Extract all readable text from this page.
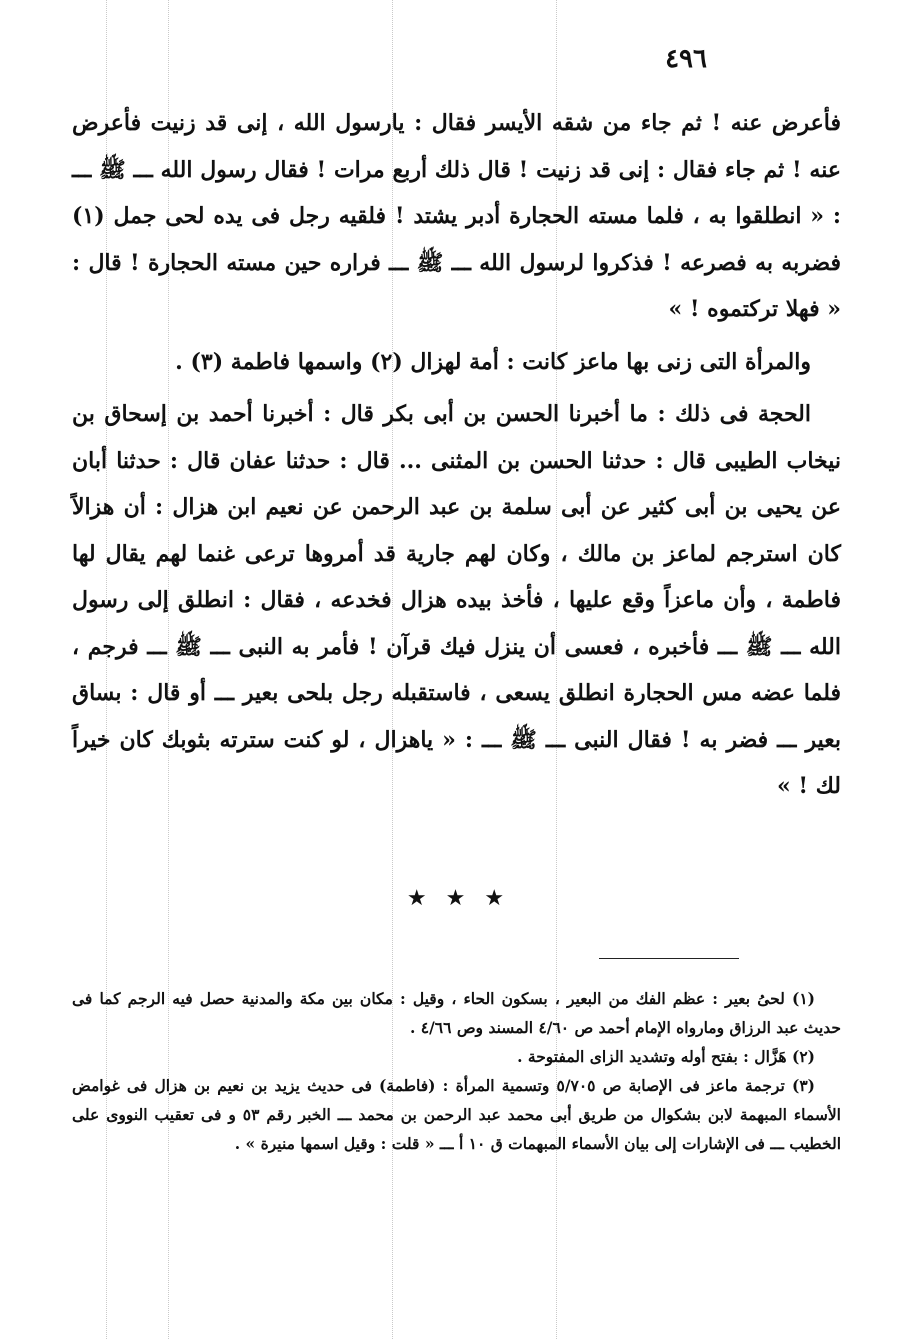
٤٩٦

فأعرض عنه ! ثم جاء من شقه الأيسر فقال : يارسول الله ، إنى قد زنيت فأعرض عنه ! ثم جاء فقال : إنى قد زنيت ! قال ذلك أربع مرات ! فقال رسول الله ـــ ﷺ ـــ : « انطلقوا به ، فلما مسته الحجارة أدبر يشتد ! فلقيه رجل فى يده لحى جمل (١) فضربه به فصرعه ! فذكروا لرسول الله ـــ ﷺ ـــ فراره حين مسته الحجارة ! قال : « فهلا تركتموه ! »

والمرأة التى زنى بها ماعز كانت : أمة لهزال (٢) واسمها فاطمة (٣) .

الحجة فى ذلك : ما أخبرنا الحسن بن أبى بكر قال : أخبرنا أحمد بن إسحاق بن نيخاب الطيبى قال : حدثنا الحسن بن المثنى ... قال : حدثنا عفان قال : حدثنا أبان عن يحيى بن أبى كثير عن أبى سلمة بن عبد الرحمن عن نعيم ابن هزال : أن هزالاً كان استرجم لماعز بن مالك ، وكان لهم جارية قد أمروها ترعى غنما لهم يقال لها فاطمة ، وأن ماعزاً وقع عليها ، فأخذ بيده هزال فخدعه ، فقال : انطلق إلى رسول الله ـــ ﷺ ـــ فأخبره ، فعسى أن ينزل فيك قرآن ! فأمر به النبى ـــ ﷺ ـــ فرجم ، فلما عضه مس الحجارة انطلق يسعى ، فاستقبله رجل بلحى بعير ـــ أو قال : بساق بعير ـــ فضر به ! فقال النبى ـــ ﷺ ـــ : « ياهزال ، لو كنت سترته بثوبك كان خيراً لك ! »

★ ★ ★

(١) لحىُ بعير : عظم الفك من البعير ، بسكون الحاء ، وقيل : مكان بين مكة والمدنية حصل فيه الرجم كما فى حديث عبد الرزاق ومارواه الإمام أحمد ص ٤/٦٠ المسند وص ٤/٦٦ .

(٢) هَزَّال : بفتح أوله وتشديد الزاى المفتوحة .

(٣) ترجمة ماعز فى الإصابة ص ٥/٧٠٥ وتسمية المرأة : (فاطمة) فى حديث يزيد بن نعيم بن هزال فى غوامض الأسماء المبهمة لابن بشكوال من طريق أبى محمد عبد الرحمن بن محمد ـــ الخبر رقم ٥٣ و فى تعقيب النووى على الخطيب ـــ فى الإشارات إلى بيان الأسماء المبهمات ق ١٠ أ ـــ « قلت : وقيل اسمها منيرة » .
